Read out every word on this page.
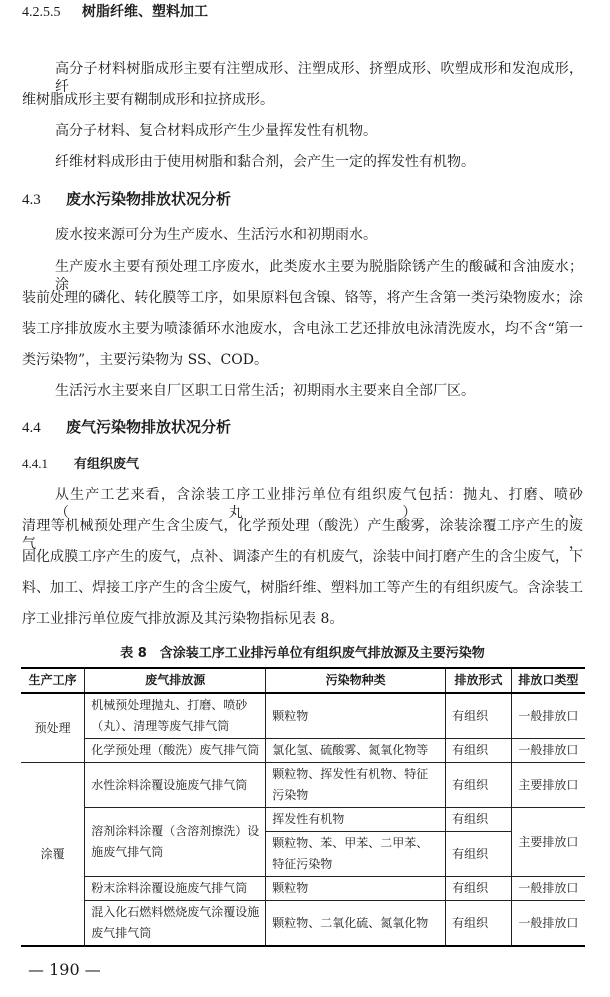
4.2.5.5 树脂纤维、塑料加工
高分子材料树脂成形主要有注塑成形、注塑成形、挤塑成形、吹塑成形和发泡成形，纤
维树脂成形主要有糊制成形和拉挤成形。
高分子材料、复合材料成形产生少量挥发性有机物。
纤维材料成形由于使用树脂和黏合剂，会产生一定的挥发性有机物。
4.3 废水污染物排放状况分析
废水按来源可分为生产废水、生活污水和初期雨水。
生产废水主要有预处理工序废水，此类废水主要为脱脂除锈产生的酸碱和含油废水；涂
装前处理的磷化、转化膜等工序，如果原料包含镍、铬等，将产生含第一类污染物废水；涂
装工序排放废水主要为喷漆循环水池废水，含电泳工艺还排放电泳清洗废水，均不含“第一
类污染物”，主要污染物为 SS、COD。
生活污水主要来自厂区职工日常生活；初期雨水主要来自全部厂区。
4.4 废气污染物排放状况分析
4.4.1 有组织废气
从生产工艺来看，含涂装工序工业排污单位有组织废气包括：抛丸、打磨、喷砂（丸）、
清理等机械预处理产生含尘废气，化学预处理（酸洗）产生酸雾，涂装涂覆工序产生的废气，
固化成膜工序产生的废气，点补、调漆产生的有机废气，涂装中间打磨产生的含尘废气，下
料、加工、焊接工序产生的含尘废气，树脂纤维、塑料加工等产生的有组织废气。含涂装工
序工业排污单位废气排放源及其污染物指标见表 8。
表 8　含涂装工序工业排污单位有组织废气排放源及主要污染物
生产工序	废气排放源	污染物种类	排放形式	排放口类型
预处理	机械预处理抛丸、打磨、喷砂（丸）、清理等废气排气筒	颗粒物	有组织	一般排放口
	化学预处理（酸洗）废气排气筒	氯化氢、硫酸雾、氮氧化物等	有组织	一般排放口
涂覆	水性涂料涂覆设施废气排气筒	颗粒物、挥发性有机物、特征污染物	有组织	主要排放口
	溶剂涂料涂覆（含溶剂擦洗）设施废气排气筒	挥发性有机物	有组织	主要排放口
		颗粒物、苯、甲苯、二甲苯、特征污染物	有组织	
	粉末涂料涂覆设施废气排气筒	颗粒物	有组织	一般排放口
	混入化石燃料燃烧废气涂覆设施废气排气筒	颗粒物、二氧化硫、氮氧化物	有组织	一般排放口
— 190 —
